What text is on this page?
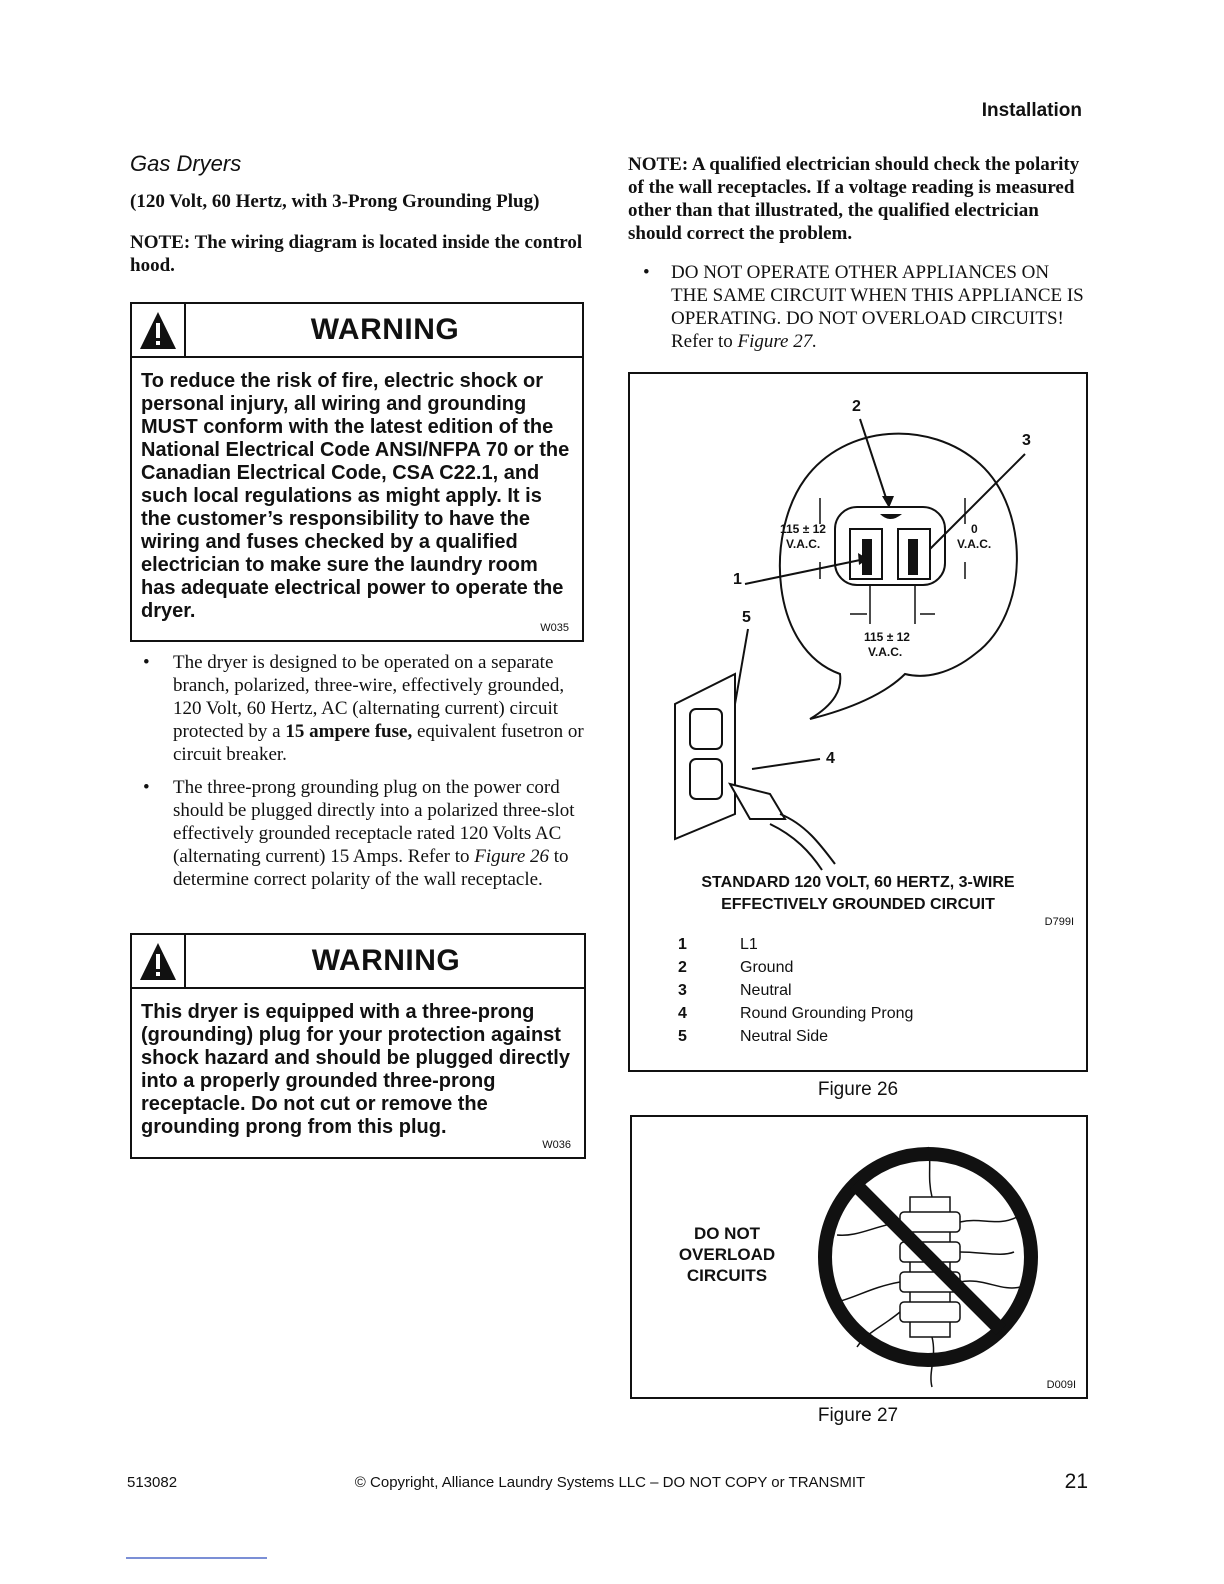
Installation
Gas Dryers
(120 Volt, 60 Hertz, with 3-Prong Grounding Plug)
NOTE: The wiring diagram is located inside the control hood.
WARNING
To reduce the risk of fire, electric shock or personal injury, all wiring and grounding MUST conform with the latest edition of the National Electrical Code ANSI/NFPA 70 or the Canadian Electrical Code, CSA C22.1, and such local regulations as might apply. It is the customer’s responsibility to have the wiring and fuses checked by a qualified electrician to make sure the laundry room has adequate electrical power to operate the dryer.
W035
• The dryer is designed to be operated on a separate branch, polarized, three-wire, effectively grounded, 120 Volt, 60 Hertz, AC (alternating current) circuit protected by a 15 ampere fuse, equivalent fusetron or circuit breaker.
• The three-prong grounding plug on the power cord should be plugged directly into a polarized three-slot effectively grounded receptacle rated 120 Volts AC (alternating current) 15 Amps. Refer to Figure 26 to determine correct polarity of the wall receptacle.
WARNING
This dryer is equipped with a three-prong (grounding) plug for your protection against shock hazard and should be plugged directly into a properly grounded three-prong receptacle. Do not cut or remove the grounding prong from this plug.
W036
NOTE: A qualified electrician should check the polarity of the wall receptacles. If a voltage reading is measured other than that illustrated, the qualified electrician should correct the problem.
• DO NOT OPERATE OTHER APPLIANCES ON THE SAME CIRCUIT WHEN THIS APPLIANCE IS OPERATING. DO NOT OVERLOAD CIRCUITS! Refer to Figure 27.
2
3
1
5
4
115 ± 12
V.A.C.
0
V.A.C.
115 ± 12
V.A.C.
STANDARD 120 VOLT, 60 HERTZ, 3-WIRE
EFFECTIVELY GROUNDED CIRCUIT
D799I
1	L1
2	Ground
3	Neutral
4	Round Grounding Prong
5	Neutral Side
Figure 26
DO NOT
OVERLOAD
CIRCUITS
D009I
Figure 27
513082	© Copyright, Alliance Laundry Systems LLC – DO NOT COPY or TRANSMIT	21
